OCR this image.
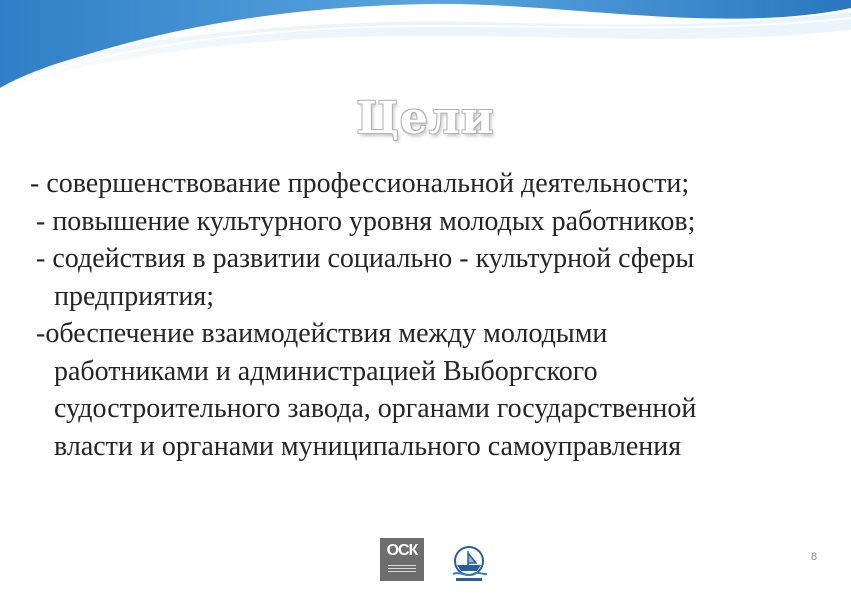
Цели

- совершенствование профессиональной деятельности;

- повышение культурного уровня молодых работников;

- содействия в развитии социально - культурной сферы
предприятия;

-обеспечение взаимодействия между молодыми
работниками и администрацией Выборгского
судостроительного завода, органами государственной
власти и органами муниципального самоуправления

ОСК	8
